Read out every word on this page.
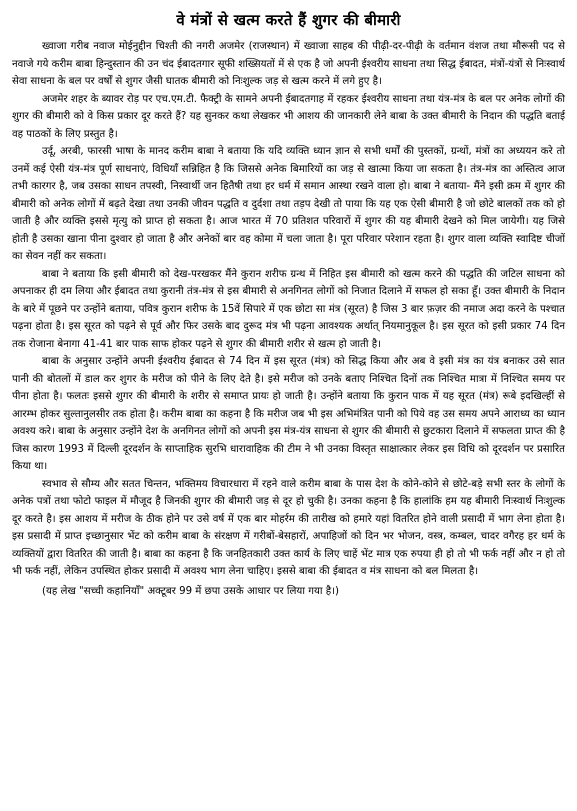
वे मंत्रों से खत्म करते हैं शुगर की बीमारी

ख्वाजा गरीब नवाज मोईनुद्दीन चिश्ती की नगरी अजमेर (राजस्थान) में ख्वाजा साहब की पीढ़ी-दर-पीढ़ी के वर्तमान वंशज तथा मौरूसी पद से नवाजे गये करीम बाबा हिन्दुस्तान की उन चंद ईबादतगार सूफी शख्सियतों में से एक है जो अपनी ईश्वरीय साधना तथा सिद्ध ईबादत, मंत्रों-यंत्रों से निःस्वार्थ सेवा साधना के बल पर वर्षों से शुगर जैसी घातक बीमारी को निःशुल्क जड़ से खत्म करने में लगे हुए है।

अजमेर शहर के ब्यावर रोड़ पर एच.एम.टी. फैक्ट्री के सामने अपनी ईबादतगाह में रहकर ईश्वरीय साधना तथा यंत्र-मंत्र के बल पर अनेक लोगों की शुगर की बीमारी को वे किस प्रकार दूर करते हैं? यह सुनकर कथा लेखकर भी आशय की जानकारी लेने बाबा के उक्त बीमारी के निदान की पद्धति बताई वह पाठकों के लिए प्रस्तुत है।

उर्दू, अरबी, फारसी भाषा के मानद करीम बाबा ने बताया कि यदि व्यक्ति ध्यान ज्ञान से सभी धर्मों की पुस्तकों, ग्रन्थों, मंत्रों का अध्ययन करे तो उनमें कई ऐसी यंत्र-मंत्र पूर्ण साधनाएं, विधियाँ सन्निहित है कि जिससे अनेक बिमारियों का जड़ से खात्मा किया जा सकता है। तंत्र-मंत्र का अस्तित्व आज तभी कारगर है, जब उसका साधन तपस्वी, निस्वार्थी जन हितैषी तथा हर धर्म में समान आस्था रखने वाला हो। बाबा ने बताया- मैंने इसी क्रम में शुगर की बीमारी को अनेक लोगों में बढ़ते देखा तथा उनकी जीवन पद्धति व दुर्दशा तथा तड़प देखी तो पाया कि यह एक ऐसी बीमारी है जो छोटे बालकों तक को हो जाती है और व्यक्ति इससे मृत्यु को प्राप्त हो सकता है। आज भारत में 70 प्रतिशत परिवारों में शुगर की यह बीमारी देखने को मिल जायेगी। यह जिसे होती है उसका खाना पीना दुश्वार हो जाता है और अनेकों बार वह कोमा में चला जाता है। पूरा परिवार परेशान रहता है। शुगर वाला व्यक्ति स्वादिष्ट चीजों का सेवन नहीं कर सकता।

बाबा ने बताया कि इसी बीमारी को देख-परखकर मैंने कुरान शरीफ ग्रन्थ में निहित इस बीमारी को खत्म करने की पद्धति की जटिल साधना को अपनाकर ही दम लिया और ईबादत तथा कुरानी तंत्र-मंत्र से इस बीमारी से अनगिनत लोगों को निजात दिलाने में सफल हो सका हूँ। उक्त बीमारी के निदान के बारे में पूछने पर उन्होंने बताया, पवित्र कुरान शरीफ के 15वें सिपारे में एक छोटा सा मंत्र (सूरत) है जिस 3 बार फ़ज़र की नमाज अदा करने के पश्चात पढ़ना होता है। इस सूरत को पढ़ने से पूर्व और फिर उसके बाद दुरूद मंत्र भी पढ़ना आवश्यक अर्थात् नियमानुकूल है। इस सूरत को इसी प्रकार 74 दिन तक रोजाना बेनागा 41-41 बार पाक साफ होकर पढ़ने से शुगर की बीमारी शरीर से खत्म हो जाती है।

बाबा के अनुसार उन्होंने अपनी ईश्वरीय ईबादत से 74 दिन में इस सूरत (मंत्र) को सिद्ध किया और अब वे इसी मंत्र का यंत्र बनाकर उसे सात पानी की बोतलों में डाल कर शुगर के मरीज को पीने के लिए देते है। इसे मरीज को उनके बताए निश्चित दिनों तक निश्चित मात्रा में निश्चित समय पर पीना होता है। फलतः इससे शुगर की बीमारी के शरीर से समाप्त प्रायः हो जाती है। उन्होंने बताया कि कुरान पाक में यह सूरत (मंत्र) रूबे इदखिल्हीं से आरम्भ होकर सुल्तानुलसीर तक होता है। करीम बाबा का कहना है कि मरीज जब भी इस अभिमंत्रित पानी को पिये वह उस समय अपने आराध्य का ध्यान अवश्य करे। बाबा के अनुसार उन्होंने देश के अनगिनत लोगों को अपनी इस मंत्र-यंत्र साधना से शुगर की बीमारी से छुटकारा दिलाने में सफलता प्राप्त की है जिस कारण 1993 में दिल्ली दूरदर्शन के साप्ताहिक सुरभि धारावाहिक की टीम ने भी उनका विस्तृत साक्षात्कार लेकर इस विधि को दूरदर्शन पर प्रसारित किया था।

स्वभाव से सौम्य और सतत चिन्तन, भक्तिमय विचारधारा में रहने वाले करीम बाबा के पास देश के कोने-कोने से छोटे-बड़े सभी स्तर के लोगों के अनेक पत्रों तथा फोटो फाइल में मौजूद है जिनकी शुगर की बीमारी जड़ से दूर हो चुकी है। उनका कहना है कि हालांकि हम यह बीमारी निःस्वार्थ निःशुल्क दूर करते है। इस आशय में मरीज के ठीक होने पर उसे वर्ष में एक बार मोहर्रम की तारीख को हमारे यहां वितरित होने वाली प्रसादी में भाग लेना होता है। इस प्रसादी में प्राप्त इच्छानुसार भेंट को करीम बाबा के संरक्षण में गरीबों-बेसहारों, अपाहिजों को दिन भर भोजन, वस्त्र, कम्बल, चादर वगैरह हर धर्म के व्यक्तियों द्वारा वितरित की जाती है। बाबा का कहना है कि जनहितकारी उक्त कार्य के लिए चाहें भेंट मात्र एक रुपया ही हो तो भी फर्क नहीं और न हो तो भी फर्क नहीं, लेकिन उपस्थित होकर प्रसादी में अवश्य भाग लेना चाहिए। इससे बाबा की ईबादत व मंत्र साधना को बल मिलता है।

(यह लेख "सच्ची कहानियाँ" अक्टूबर 99 में छपा उसके आधार पर लिया गया है।)
